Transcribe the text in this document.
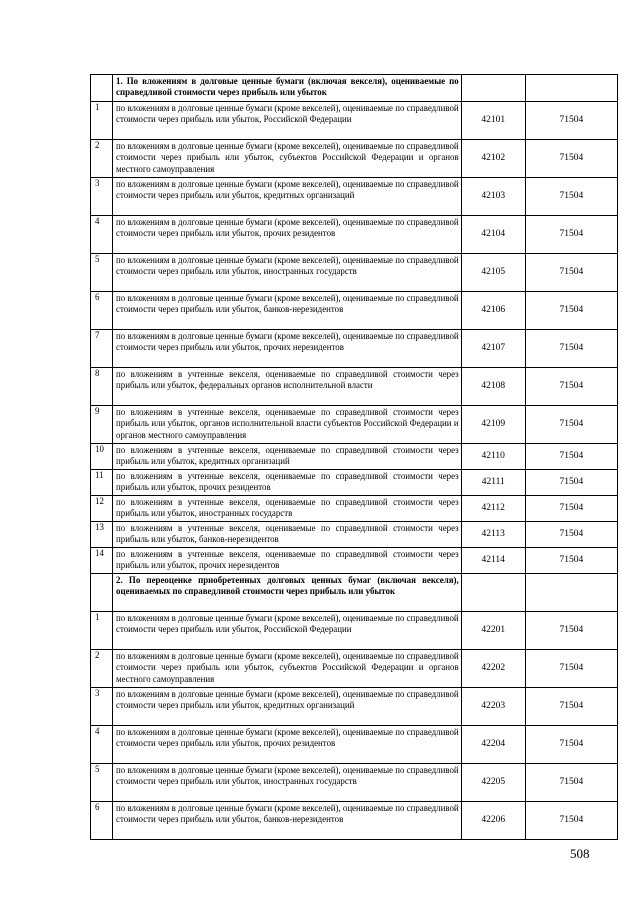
	1. По вложениям в долговые ценные бумаги (включая векселя), оцениваемые по справедливой стоимости через прибыль или убыток		
1	по вложениям в долговые ценные бумаги (кроме векселей), оцениваемые по справедливой стоимости через прибыль или убыток, Российской Федерации	42101	71504
2	по вложениям в долговые ценные бумаги (кроме векселей), оцениваемые по справедливой стоимости через прибыль или убыток, субъектов Российской Федерации и органов местного самоуправления	42102	71504
3	по вложениям в долговые ценные бумаги (кроме векселей), оцениваемые по справедливой стоимости через прибыль или убыток, кредитных организаций	42103	71504
4	по вложениям в долговые ценные бумаги (кроме векселей), оцениваемые по справедливой стоимости через прибыль или убыток, прочих резидентов	42104	71504
5	по вложениям в долговые ценные бумаги (кроме векселей), оцениваемые по справедливой стоимости через прибыль или убыток, иностранных государств	42105	71504
6	по вложениям в долговые ценные бумаги (кроме векселей), оцениваемые по справедливой стоимости через прибыль или убыток, банков-нерезидентов	42106	71504
7	по вложениям в долговые ценные бумаги (кроме векселей), оцениваемые по справедливой стоимости через прибыль или убыток, прочих нерезидентов	42107	71504
8	по вложениям в учтенные векселя, оцениваемые по справедливой стоимости через прибыль или убыток, федеральных органов исполнительной власти	42108	71504
9	по вложениям в учтенные векселя, оцениваемые по справедливой стоимости через прибыль или убыток, органов исполнительной власти субъектов Российской Федерации и органов местного самоуправления	42109	71504
10	по вложениям в учтенные векселя, оцениваемые по справедливой стоимости через прибыль или убыток, кредитных организаций	42110	71504
11	по вложениям в учтенные векселя, оцениваемые по справедливой стоимости через прибыль или убыток, прочих резидентов	42111	71504
12	по вложениям в учтенные векселя, оцениваемые по справедливой стоимости через прибыль или убыток, иностранных государств	42112	71504
13	по вложениям в учтенные векселя, оцениваемые по справедливой стоимости через прибыль или убыток, банков-нерезидентов	42113	71504
14	по вложениям в учтенные векселя, оцениваемые по справедливой стоимости через прибыль или убыток, прочих нерезидентов	42114	71504
	2. По переоценке приобретенных долговых ценных бумаг (включая векселя), оцениваемых по справедливой стоимости через прибыль или убыток		
1	по вложениям в долговые ценные бумаги (кроме векселей), оцениваемые по справедливой стоимости через прибыль или убыток, Российской Федерации	42201	71504
2	по вложениям в долговые ценные бумаги (кроме векселей), оцениваемые по справедливой стоимости через прибыль или убыток, субъектов Российской Федерации и органов местного самоуправления	42202	71504
3	по вложениям в долговые ценные бумаги (кроме векселей), оцениваемые по справедливой стоимости через прибыль или убыток, кредитных организаций	42203	71504
4	по вложениям в долговые ценные бумаги (кроме векселей), оцениваемые по справедливой стоимости через прибыль или убыток, прочих резидентов	42204	71504
5	по вложениям в долговые ценные бумаги (кроме векселей), оцениваемые по справедливой стоимости через прибыль или убыток, иностранных государств	42205	71504
6	по вложениям в долговые ценные бумаги (кроме векселей), оцениваемые по справедливой стоимости через прибыль или убыток, банков-нерезидентов	42206	71504
508
